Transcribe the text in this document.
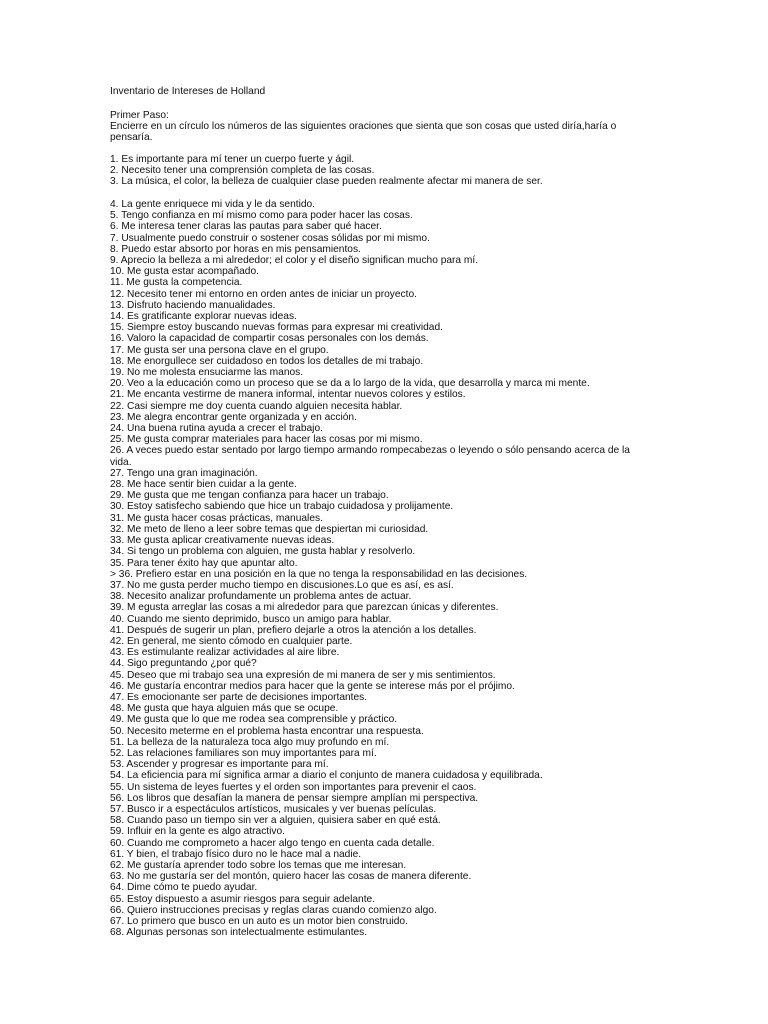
Inventario de Intereses de Holland
Primer Paso:
Encierre en un círculo los números de las siguientes oraciones que sienta que son cosas que usted diría,haría o pensaría.
1. Es importante para mí tener un cuerpo fuerte y ágil.
2. Necesito tener una comprensión completa de las cosas.
3. La música, el color, la belleza de cualquier clase pueden realmente afectar mi manera de ser.
4. La gente enriquece mi vida y le da sentido.
5. Tengo confianza en mí mismo como para poder hacer las cosas.
6. Me interesa tener claras las pautas para saber qué hacer.
7. Usualmente puedo construir o sostener cosas sólidas por mi mismo.
8. Puedo estar absorto por horas en mis pensamientos.
9. Aprecio la belleza a mi alrededor; el color y el diseño significan mucho para mí.
10. Me gusta estar acompañado.
11. Me gusta la competencia.
12. Necesito tener mi entorno en orden antes de iniciar un proyecto.
13. Disfruto haciendo manualidades.
14. Es gratificante explorar nuevas ideas.
15. Siempre estoy buscando nuevas formas para expresar mi creatividad.
16. Valoro la capacidad de compartir cosas personales con los demás.
17. Me gusta ser una persona clave en el grupo.
18. Me enorgullece ser cuidadoso en todos los detalles de mi trabajo.
19. No me molesta ensuciarme las manos.
20. Veo a la educación como un proceso que se da a lo largo de la vida, que desarrolla y marca mi mente.
21. Me encanta vestirme de manera informal, intentar nuevos colores y estilos.
22. Casi siempre me doy cuenta cuando alguien necesita hablar.
23. Me alegra encontrar gente organizada y en acción.
24. Una buena rutina ayuda a crecer el trabajo.
25. Me gusta comprar materiales para hacer las cosas por mi mismo.
26. A veces puedo estar sentado por largo tiempo armando rompecabezas o leyendo o sólo pensando acerca de la vida.
27. Tengo una gran imaginación.
28. Me hace sentir bien cuidar a la gente.
29. Me gusta que me tengan confianza para hacer un trabajo.
30. Estoy satisfecho sabiendo que hice un trabajo cuidadosa y prolijamente.
31. Me gusta hacer cosas prácticas, manuales.
32. Me meto de lleno a leer sobre temas que despiertan mi curiosidad.
33. Me gusta aplicar creativamente nuevas ideas.
34. Si tengo un problema con alguien, me gusta hablar y resolverlo.
35. Para tener éxito hay que apuntar alto.
> 36. Prefiero estar en una posición en la que no tenga la responsabilidad en las decisiones.
37. No me gusta perder mucho tiempo en discusiones.Lo que es así, es así.
38. Necesito analizar profundamente un problema antes de actuar.
39. M egusta arreglar las cosas a mi alrededor para que parezcan únicas y diferentes.
40. Cuando me siento deprimido, busco un amigo para hablar.
41. Después de sugerir un plan, prefiero dejarle a otros la atención a los detalles.
42. En general, me siento cómodo en cualquier parte.
43. Es estimulante realizar actividades al aire libre.
44. Sigo preguntando ¿por qué?
45. Deseo que mi trabajo sea una expresión de mi manera de ser y mis sentimientos.
46. Me gustaría encontrar medios para hacer que la gente se interese más por el prójimo.
47. Es emocionante ser parte de decisiones importantes.
48. Me gusta que haya alguien más que se ocupe.
49. Me gusta que lo que me rodea sea comprensible y práctico.
50. Necesito meterme en el problema hasta encontrar una respuesta.
51. La belleza de la naturaleza toca algo muy profundo en mí.
52. Las relaciones familiares son muy importantes para mí.
53. Ascender y progresar es importante para mí.
54. La eficiencia para mí significa armar a diario el conjunto de manera cuidadosa y equilibrada.
55. Un sistema de leyes fuertes y el orden son importantes para prevenir el caos.
56. Los libros que desafían la manera de pensar siempre amplían mi perspectiva.
57. Busco ir a espectáculos artísticos, musicales y ver buenas películas.
58. Cuando paso un tiempo sin ver a alguien, quisiera saber en qué está.
59. Influir en la gente es algo atractivo.
60. Cuando me comprometo a hacer algo tengo en cuenta cada detalle.
61. Y bien, el trabajo físico duro no le hace mal a nadie.
62. Me gustaría aprender todo sobre los temas que me interesan.
63. No me gustaría ser del montón, quiero hacer las cosas de manera diferente.
64. Dime cómo te puedo ayudar.
65. Estoy dispuesto a asumir riesgos para seguir adelante.
66. Quiero instrucciones precisas y reglas claras cuando comienzo algo.
67. Lo primero que busco en un auto es un motor bien construido.
68. Algunas personas son intelectualmente estimulantes.
